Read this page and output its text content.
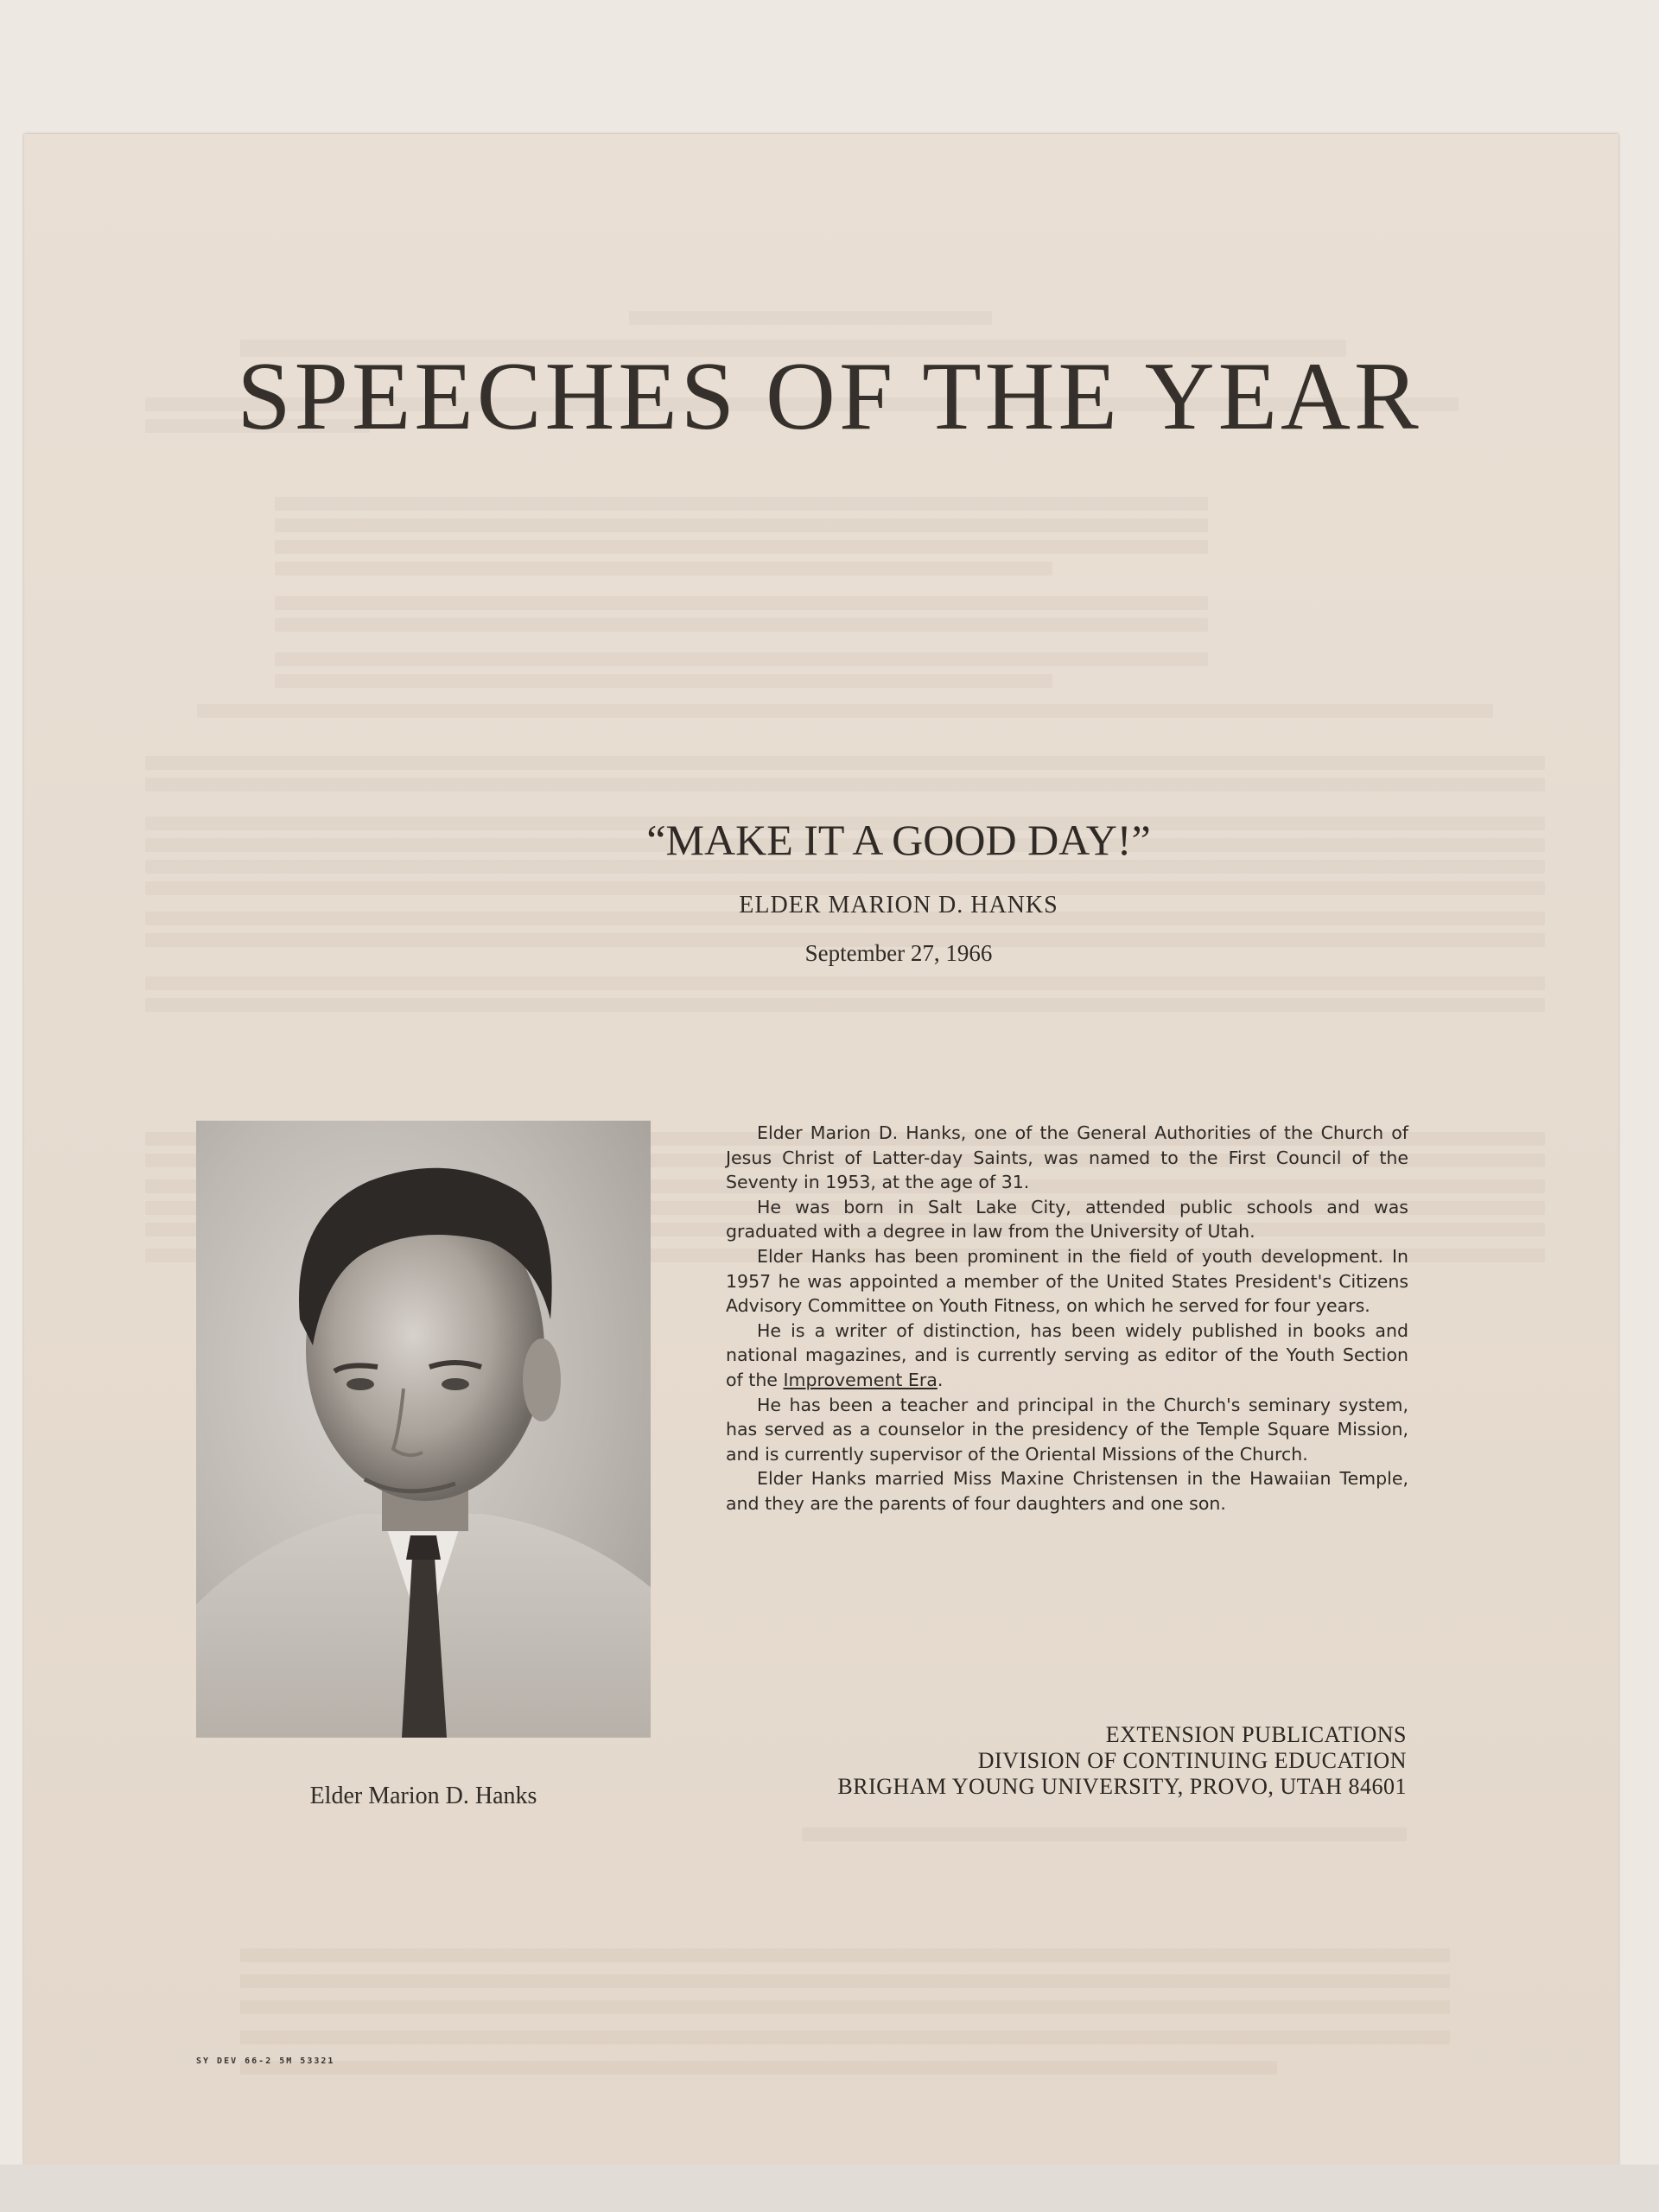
SPEECHES OF THE YEAR
“MAKE IT A GOOD DAY!”
ELDER MARION D. HANKS
September 27, 1966
Elder Marion D. Hanks

Elder Marion D. Hanks, one of the General Authorities of the Church of Jesus Christ of Latter-day Saints, was named to the First Council of the Seventy in 1953, at the age of 31.

He was born in Salt Lake City, attended public schools and was graduated with a degree in law from the University of Utah.

Elder Hanks has been prominent in the field of youth development. In 1957 he was appointed a member of the United States President's Citizens Advisory Committee on Youth Fitness, on which he served for four years.

He is a writer of distinction, has been widely published in books and national magazines, and is currently serving as editor of the Youth Section of the Improvement Era.

He has been a teacher and principal in the Church's seminary system, has served as a counselor in the presidency of the Temple Square Mission, and is currently supervisor of the Oriental Missions of the Church.

Elder Hanks married Miss Maxine Christensen in the Hawaiian Temple, and they are the parents of four daughters and one son.

EXTENSION PUBLICATIONS
DIVISION OF CONTINUING EDUCATION
BRIGHAM YOUNG UNIVERSITY, PROVO, UTAH 84601
SY DEV 66-2 5M 53321
